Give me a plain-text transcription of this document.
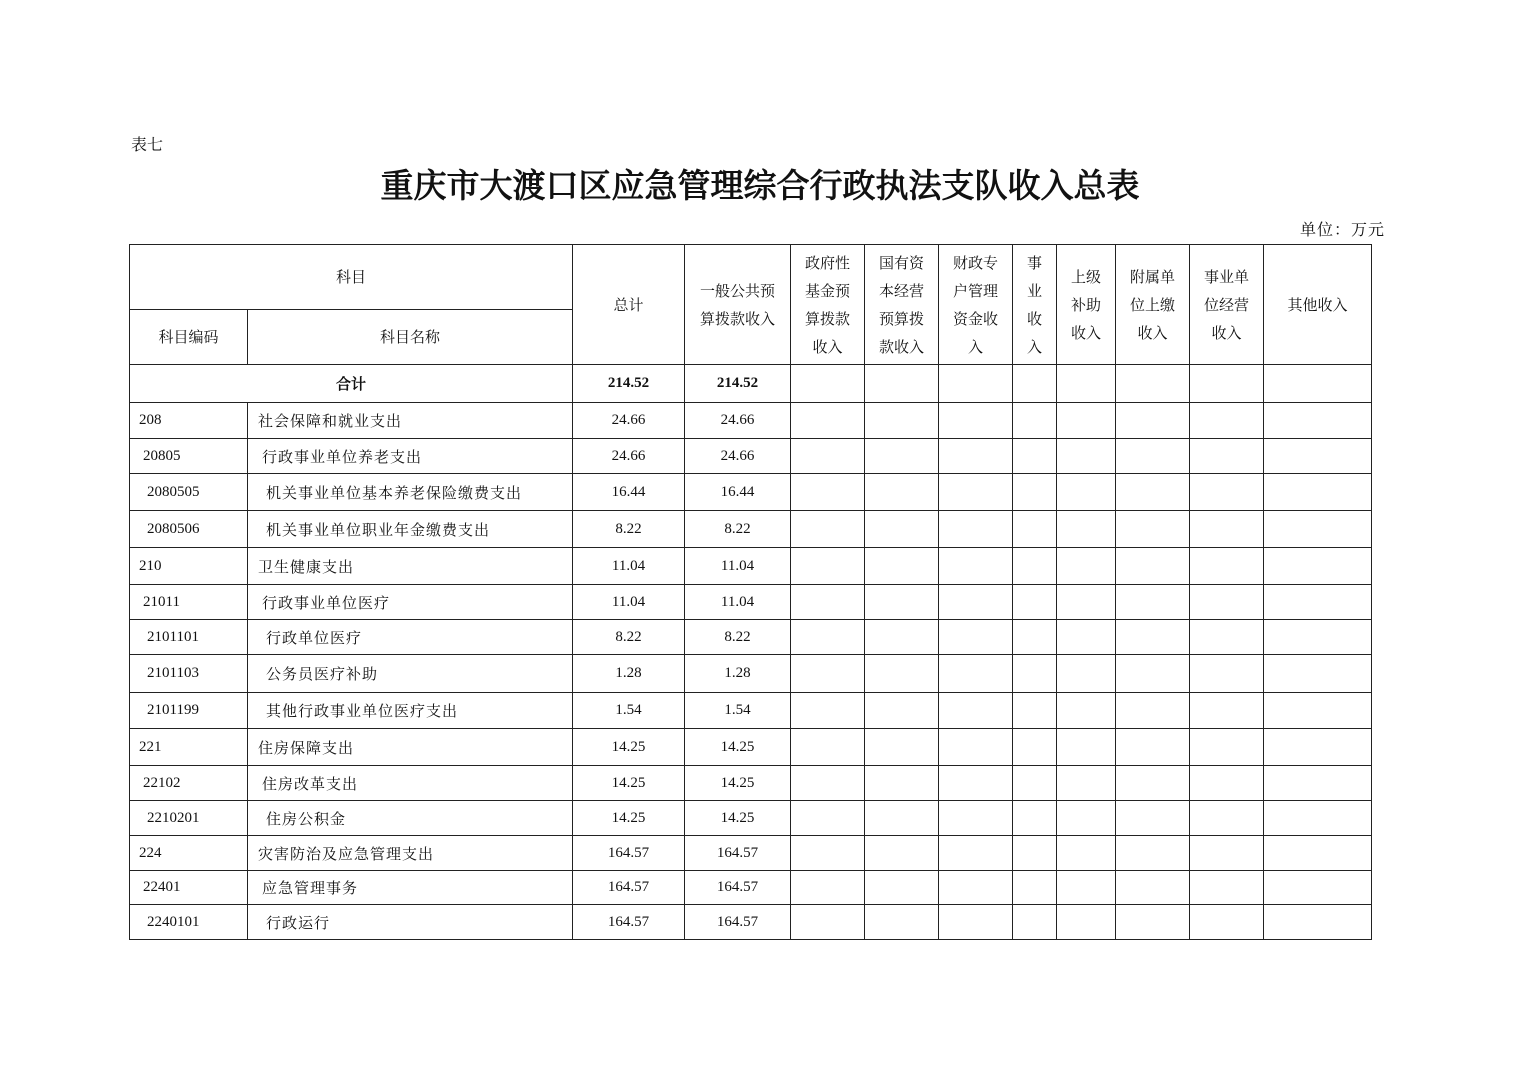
表七
重庆市大渡口区应急管理综合行政执法支队收入总表
单位：万元
科目		总计	一般公共预算拨款收入	政府性基金预算拨款收入	国有资本经营预算拨款收入	财政专户管理资金收入	事业收入	上级补助收入	附属单位上缴收入	事业单位经营收入	其他收入
科目编码	科目名称										
合计		214.52	214.52								
208	社会保障和就业支出	24.66	24.66								
20805	行政事业单位养老支出	24.66	24.66								
2080505	机关事业单位基本养老保险缴费支出	16.44	16.44								
2080506	机关事业单位职业年金缴费支出	8.22	8.22								
210	卫生健康支出	11.04	11.04								
21011	行政事业单位医疗	11.04	11.04								
2101101	行政单位医疗	8.22	8.22								
2101103	公务员医疗补助	1.28	1.28								
2101199	其他行政事业单位医疗支出	1.54	1.54								
221	住房保障支出	14.25	14.25								
22102	住房改革支出	14.25	14.25								
2210201	住房公积金	14.25	14.25								
224	灾害防治及应急管理支出	164.57	164.57								
22401	应急管理事务	164.57	164.57								
2240101	行政运行	164.57	164.57								
